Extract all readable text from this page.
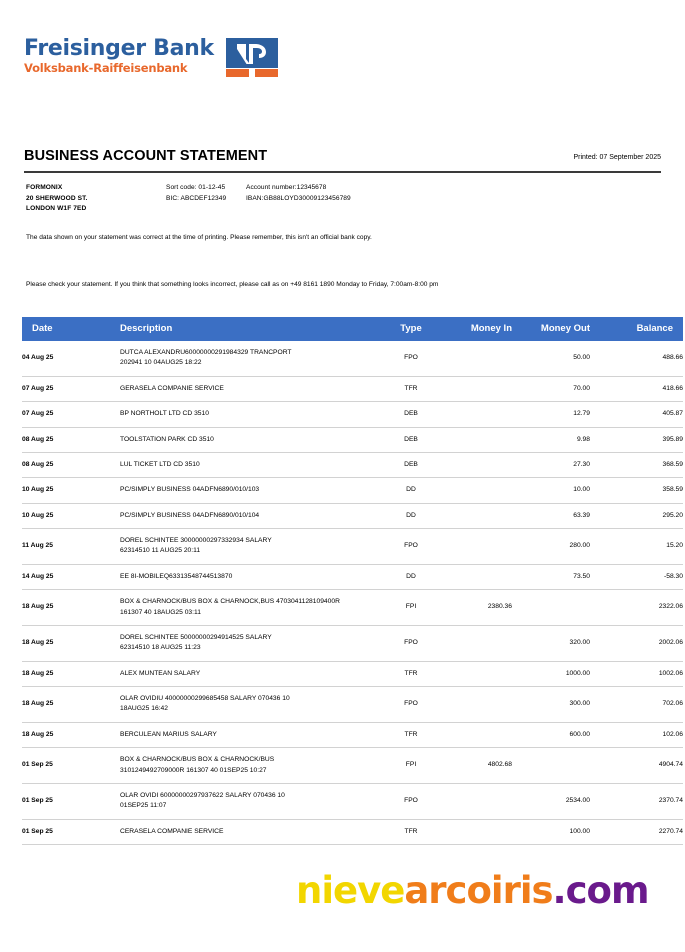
Freisinger Bank
Volksbank-Raiffeisenbank
BUSINESS ACCOUNT STATEMENT	Printed: 07 September 2025
FORMONIX
20 SHERWOOD ST.
LONDON W1F 7ED
Sort code: 01-12-45	Account number:12345678
BIC: ABCDEF12349	IBAN:GB88LOYD30009123456789
The data shown on your statement was correct at the time of printing. Please remember, this isn't an official bank copy.
Please check your statement. If you think that something looks incorrect, please call as on +49 8161 1890 Monday to Friday, 7:00am-8:00 pm
Date	Description	Type	Money In	Money Out	Balance
04 Aug 25	DUTCA ALEXANDRU60000000291984329 TRANCPORT
202941 10 04AUG25 18:22	FPO		50.00	488.66
07 Aug 25	GERASELA COMPANIE SERVICE	TFR		70.00	418.66
07 Aug 25	BP NORTHOLT LTD CD 3510	DEB		12.79	405.87
08 Aug 25	TOOLSTATION PARK CD 3510	DEB		9.98	395.89
08 Aug 25	LUL TICKET LTD CD 3510	DEB		27.30	368.59
10 Aug 25	PC/SIMPLY BUSINESS 04ADFN6890/010/103	DD		10.00	358.59
10 Aug 25	PC/SIMPLY BUSINESS 04ADFN6890/010/104	DD		63.39	295.20
11 Aug 25	DOREL SCHINTEE 30000000297332934 SALARY
62314510 11 AUG25 20:11	FPO		280.00	15.20
14 Aug 25	EE 8I-MOBILEQ63313548744513870	DD		73.50	-58.30
18 Aug 25	BOX & CHARNOCK/BUS BOX & CHARNOCK,BUS 4703041128109400R
161307 40 18AUG25 03:11	FPI	2380.36		2322.06
18 Aug 25	DOREL SCHINTEE 50000000294914525 SALARY
62314510 18 AUG25 11:23	FPO		320.00	2002.06
18 Aug 25	ALEX MUNTEAN SALARY	TFR		1000.00	1002.06
18 Aug 25	OLAR OVIDIU 40000000299685458 SALARY 070436 10
18AUG25 16:42	FPO		300.00	702.06
18 Aug 25	BERCULEAN MARIUS SALARY	TFR		600.00	102.06
01 Sep 25	BOX & CHARNOCK/BUS BOX & CHARNOCK/BUS
3101249492709000R 161307 40 01SEP25 10:27	FPI	4802.68		4904.74
01 Sep 25	OLAR OVIDI 60000000297937622 SALARY 070436 10
01SEP25 11:07	FPO		2534.00	2370.74
01 Sep 25	CERASELA COMPANIE SERVICE	TFR		100.00	2270.74
nievearcoiris.com
